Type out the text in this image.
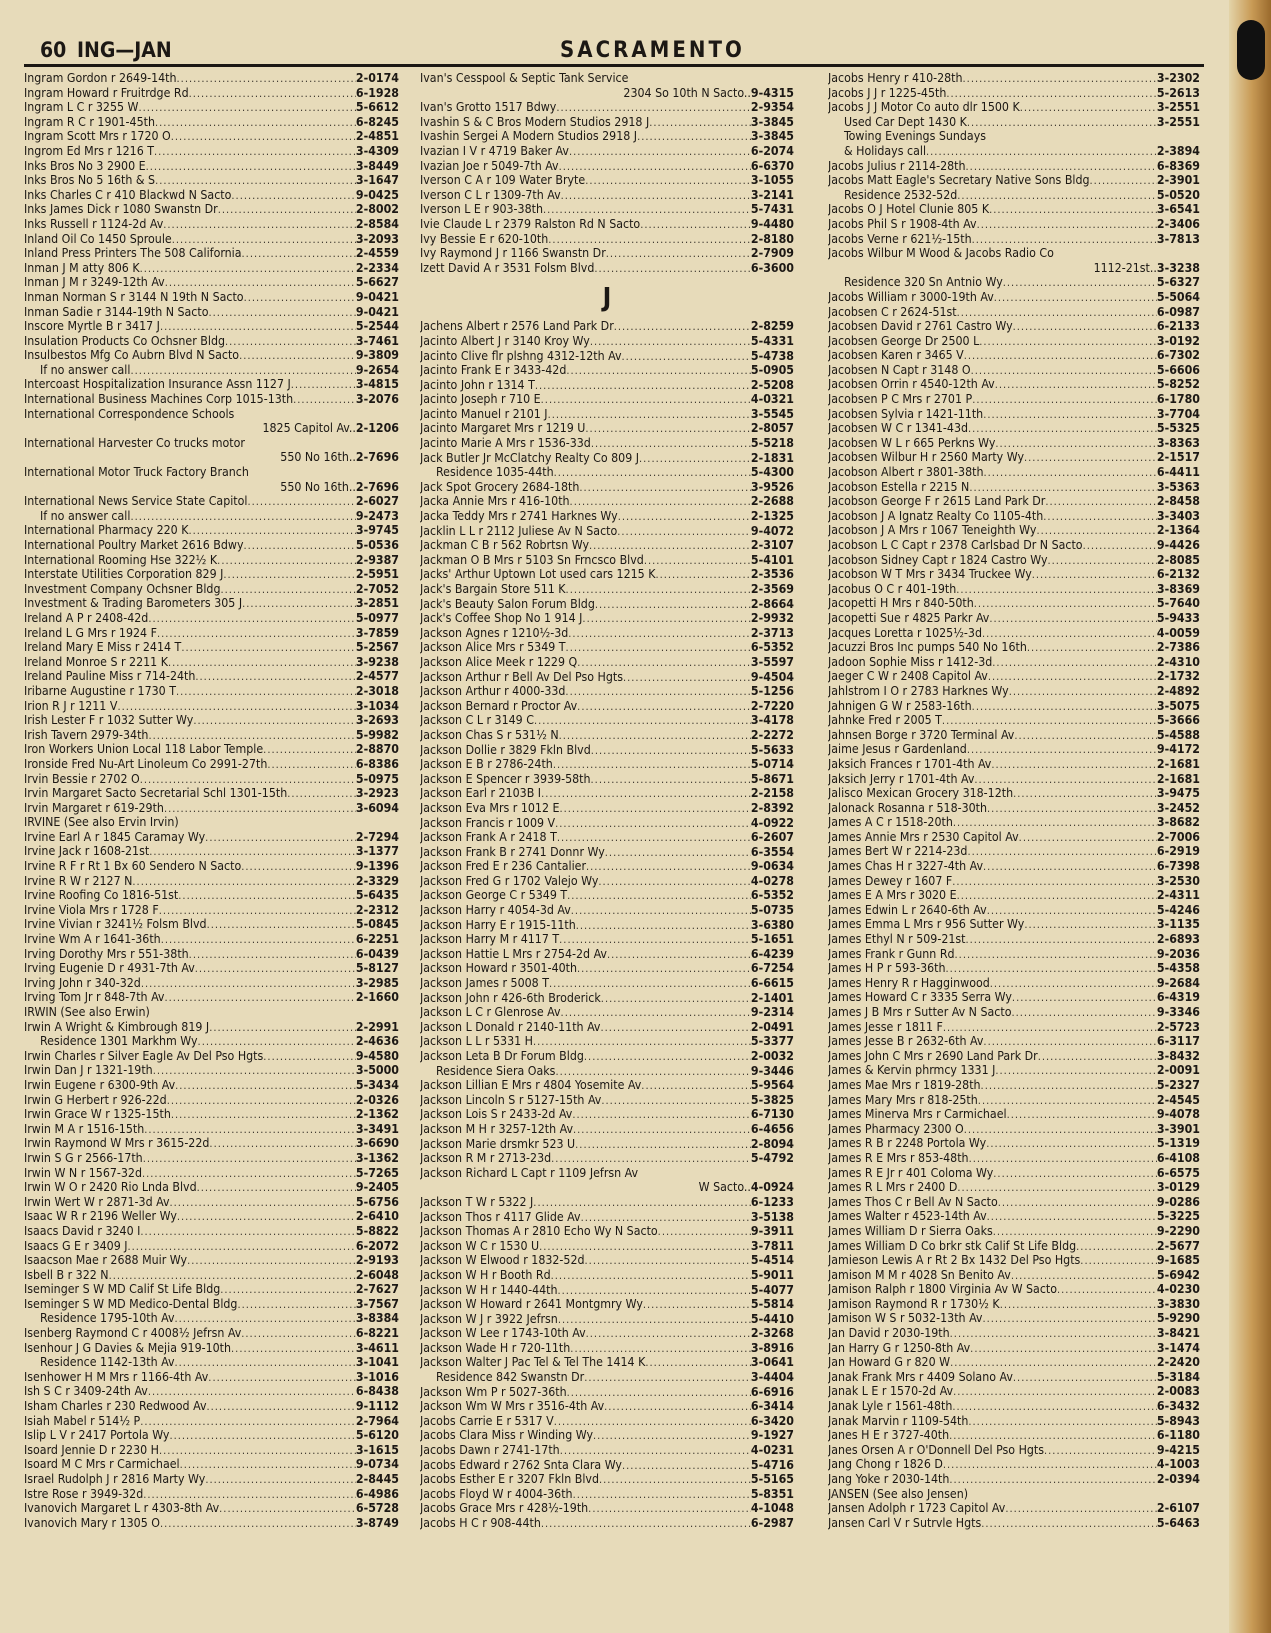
60 ING—JAN	SACRAMENTO
Ingram Gordon r 2649-14th .....	2-0174
Ingram Howard r Fruitrdge Rd .....	6-1928
Ingram L C r 3255 W .....	5-6612
Ingram R C r 1901-45th .....	6-8245
Ingram Scott Mrs r 1720 O .....	2-4851
Ingrom Ed Mrs r 1216 T .....	3-4309
Inks Bros No 3 2900 E .....	3-8449
Inks Bros No 5 16th & S .....	3-1647
Inks Charles C r 410 Blackwd N Sacto .....	9-0425
Inks James Dick r 1080 Swanstn Dr .....	2-8002
Inks Russell r 1124-2d Av .....	2-8584
Inland Oil Co 1450 Sproule .....	3-2093
Inland Press Printers The 508 California .....	2-4559
Inman J M atty 806 K .....	2-2334
Inman J M r 3249-12th Av .....	5-6627
Inman Norman S r 3144 N 19th N Sacto .....	9-0421
Inman Sadie r 3144-19th N Sacto .....	9-0421
Inscore Myrtle B r 3417 J .....	5-2544
Insulation Products Co Ochsner Bldg .....	3-7461
Insulbestos Mfg Co Aubrn Blvd N Sacto .....	9-3809
If no answer call .....	9-2654
Intercoast Hospitalization Insurance Assn 1127 J .....	3-4815
International Business Machines Corp 1015-13th .....	3-2076
International Correspondence Schools
1825 Capitol Av..2-1206
International Harvester Co trucks motor
550 No 16th..2-7696
International Motor Truck Factory Branch
550 No 16th..2-7696
International News Service State Capitol .....	2-6027
If no answer call .....	9-2473
International Pharmacy 220 K .....	3-9745
International Poultry Market 2616 Bdwy .....	5-0536
International Rooming Hse 322½ K .....	2-9387
Interstate Utilities Corporation 829 J .....	2-5951
Investment Company Ochsner Bldg .....	2-7052
Investment & Trading Barometers 305 J .....	3-2851
Ireland A P r 2408-42d .....	5-0977
Ireland L G Mrs r 1924 F .....	3-7859
Ireland Mary E Miss r 2414 T .....	5-2567
Ireland Monroe S r 2211 K .....	3-9238
Ireland Pauline Miss r 714-24th .....	2-4577
Iribarne Augustine r 1730 T .....	2-3018
Irion R J r 1211 V .....	3-1034
Irish Lester F r 1032 Sutter Wy .....	3-2693
Irish Tavern 2979-34th .....	5-9982
Iron Workers Union Local 118 Labor Temple .....	2-8870
Ironside Fred Nu-Art Linoleum Co 2991-27th .....	6-8386
Irvin Bessie r 2702 O .....	5-0975
Irvin Margaret Sacto Secretarial Schl 1301-15th .....	3-2923
Irvin Margaret r 619-29th .....	3-6094
IRVINE (See also Ervin Irvin)
Irvine Earl A r 1845 Caramay Wy .....	2-7294
Irvine Jack r 1608-21st .....	3-1377
Irvine R F r Rt 1 Bx 60 Sendero N Sacto .....	9-1396
Irvine R W r 2127 N .....	2-3329
Irvine Roofing Co 1816-51st .....	5-6435
Irvine Viola Mrs r 1728 F .....	2-2312
Irvine Vivian r 3241½ Folsm Blvd .....	5-0845
Irvine Wm A r 1641-36th .....	6-2251
Irving Dorothy Mrs r 551-38th .....	6-0439
Irving Eugenie D r 4931-7th Av .....	5-8127
Irving John r 340-32d .....	3-2985
Irving Tom Jr r 848-7th Av .....	2-1660
IRWIN (See also Erwin)
Irwin A Wright & Kimbrough 819 J .....	2-2991
Residence 1301 Markhm Wy .....	2-4636
Irwin Charles r Silver Eagle Av Del Pso Hgts .....	9-4580
Irwin Dan J r 1321-19th .....	3-5000
Irwin Eugene r 6300-9th Av .....	5-3434
Irwin G Herbert r 926-22d .....	2-0326
Irwin Grace W r 1325-15th .....	2-1362
Irwin M A r 1516-15th .....	3-3491
Irwin Raymond W Mrs r 3615-22d .....	3-6690
Irwin S G r 2566-17th .....	3-1362
Irwin W N r 1567-32d .....	5-7265
Irwin W O r 2420 Rio Lnda Blvd .....	9-2405
Irwin Wert W r 2871-3d Av .....	5-6756
Isaac W R r 2196 Weller Wy .....	2-6410
Isaacs David r 3240 I .....	5-8822
Isaacs G E r 3409 J .....	6-2072
Isaacson Mae r 2688 Muir Wy .....	2-9193
Isbell B r 322 N .....	2-6048
Iseminger S W MD Calif St Life Bldg .....	2-7627
Iseminger S W MD Medico-Dental Bldg .....	3-7567
Residence 1795-10th Av .....	3-8384
Isenberg Raymond C r 4008½ Jefrsn Av .....	6-8221
Isenhour J G Davies & Mejia 919-10th .....	3-4611
Residence 1142-13th Av .....	3-1041
Isenhower H M Mrs r 1166-4th Av .....	3-1016
Ish S C r 3409-24th Av .....	6-8438
Isham Charles r 230 Redwood Av .....	9-1112
Isiah Mabel r 514½ P .....	2-7964
Islip L V r 2417 Portola Wy .....	5-6120
Isoard Jennie D r 2230 H .....	3-1615
Isoard M C Mrs r Carmichael .....	9-0734
Israel Rudolph J r 2816 Marty Wy .....	2-8445
Istre Rose r 3949-32d .....	6-4986
Ivanovich Margaret L r 4303-8th Av .....	6-5728
Ivanovich Mary r 1305 O .....	3-8749
Ivan's Cesspool & Septic Tank Service
2304 So 10th N Sacto..9-4315
Ivan's Grotto 1517 Bdwy .....	2-9354
Ivashin S & C Bros Modern Studios 2918 J .....	3-3845
Ivashin Sergei A Modern Studios 2918 J .....	3-3845
Ivazian I V r 4719 Baker Av .....	6-2074
Ivazian Joe r 5049-7th Av .....	6-6370
Iverson C A r 109 Water Bryte .....	3-1055
Iverson C L r 1309-7th Av .....	3-2141
Iverson L E r 903-38th .....	5-7431
Ivie Claude L r 2379 Ralston Rd N Sacto .....	9-4480
Ivy Bessie E r 620-10th .....	2-8180
Ivy Raymond J r 1166 Swanstn Dr .....	2-7909
Izett David A r 3531 Folsm Blvd .....	6-3600
J
Jachens Albert r 2576 Land Park Dr .....	2-8259
Jacinto Albert J r 3140 Kroy Wy .....	5-4331
Jacinto Clive flr plshng 4312-12th Av .....	5-4738
Jacinto Frank E r 3433-42d .....	5-0905
Jacinto John r 1314 T .....	2-5208
Jacinto Joseph r 710 E .....	4-0321
Jacinto Manuel r 2101 J .....	3-5545
Jacinto Margaret Mrs r 1219 U .....	2-8057
Jacinto Marie A Mrs r 1536-33d .....	5-5218
Jack Butler Jr McClatchy Realty Co 809 J .....	2-1831
Residence 1035-44th .....	5-4300
Jack Spot Grocery 2684-18th .....	3-9526
Jacka Annie Mrs r 416-10th .....	2-2688
Jacka Teddy Mrs r 2741 Harknes Wy .....	2-1325
Jacklin L L r 2112 Juliese Av N Sacto .....	9-4072
Jackman C B r 562 Robrtsn Wy .....	2-3107
Jackman O B Mrs r 5103 Sn Frncsco Blvd .....	5-4101
Jacks' Arthur Uptown Lot used cars 1215 K .....	2-3536
Jack's Bargain Store 511 K .....	2-3569
Jack's Beauty Salon Forum Bldg .....	2-8664
Jack's Coffee Shop No 1 914 J .....	2-9932
Jackson Agnes r 1210½-3d .....	2-3713
Jackson Alice Mrs r 5349 T .....	6-5352
Jackson Alice Meek r 1229 Q .....	3-5597
Jackson Arthur r Bell Av Del Pso Hgts .....	9-4504
Jackson Arthur r 4000-33d .....	5-1256
Jackson Bernard r Proctor Av .....	2-7220
Jackson C L r 3149 C .....	3-4178
Jackson Chas S r 531½ N .....	2-2272
Jackson Dollie r 3829 Fkln Blvd .....	5-5633
Jackson E B r 2786-24th .....	5-0714
Jackson E Spencer r 3939-58th .....	5-8671
Jackson Earl r 2103B I .....	2-2158
Jackson Eva Mrs r 1012 E .....	2-8392
Jackson Francis r 1009 V .....	4-0922
Jackson Frank A r 2418 T .....	6-2607
Jackson Frank B r 2741 Donnr Wy .....	6-3554
Jackson Fred E r 236 Cantalier .....	9-0634
Jackson Fred G r 1702 Valejo Wy .....	4-0278
Jackson George C r 5349 T .....	6-5352
Jackson Harry r 4054-3d Av .....	5-0735
Jackson Harry E r 1915-11th .....	3-6380
Jackson Harry M r 4117 T .....	5-1651
Jackson Hattie L Mrs r 2754-2d Av .....	6-4239
Jackson Howard r 3501-40th .....	6-7254
Jackson James r 5008 T .....	6-6615
Jackson John r 426-6th Broderick .....	2-1401
Jackson L C r Glenrose Av .....	9-2314
Jackson L Donald r 2140-11th Av .....	2-0491
Jackson L L r 5331 H .....	5-3377
Jackson Leta B Dr Forum Bldg .....	2-0032
Residence Siera Oaks .....	9-3446
Jackson Lillian E Mrs r 4804 Yosemite Av .....	5-9564
Jackson Lincoln S r 5127-15th Av .....	5-3825
Jackson Lois S r 2433-2d Av .....	6-7130
Jackson M H r 3257-12th Av .....	6-4656
Jackson Marie drsmkr 523 U .....	2-8094
Jackson R M r 2713-23d .....	5-4792
Jackson Richard L Capt r 1109 Jefrsn Av
W Sacto..4-0924
Jackson T W r 5322 J .....	6-1233
Jackson Thos r 4117 Glide Av .....	3-5138
Jackson Thomas A r 2810 Echo Wy N Sacto .....	9-3911
Jackson W C r 1530 U .....	3-7811
Jackson W Elwood r 1832-52d .....	5-4514
Jackson W H r Booth Rd .....	5-9011
Jackson W H r 1440-44th .....	5-4077
Jackson W Howard r 2641 Montgmry Wy .....	5-5814
Jackson W J r 3922 Jefrsn .....	5-4410
Jackson W Lee r 1743-10th Av .....	2-3268
Jackson Wade H r 720-11th .....	3-8916
Jackson Walter J Pac Tel & Tel The 1414 K .....	3-0641
Residence 842 Swanstn Dr .....	3-4404
Jackson Wm P r 5027-36th .....	6-6916
Jackson Wm W Mrs r 3516-4th Av .....	6-3414
Jacobs Carrie E r 5317 V .....	6-3420
Jacobs Clara Miss r Winding Wy .....	9-1927
Jacobs Dawn r 2741-17th .....	4-0231
Jacobs Edward r 2762 Snta Clara Wy .....	5-4716
Jacobs Esther E r 3207 Fkln Blvd .....	5-5165
Jacobs Floyd W r 4004-36th .....	5-8351
Jacobs Grace Mrs r 428½-19th .....	4-1048
Jacobs H C r 908-44th .....	6-2987
Jacobs Henry r 410-28th .....	3-2302
Jacobs J J r 1225-45th .....	5-2613
Jacobs J J Motor Co auto dlr 1500 K .....	3-2551
Used Car Dept 1430 K .....	3-2551
Towing Evenings Sundays
& Holidays call .....	2-3894
Jacobs Julius r 2114-28th .....	6-8369
Jacobs Matt Eagle's Secretary Native Sons Bldg .....	2-3901
Residence 2532-52d .....	5-0520
Jacobs O J Hotel Clunie 805 K .....	3-6541
Jacobs Phil S r 1908-4th Av .....	2-3406
Jacobs Verne r 621½-15th .....	3-7813
Jacobs Wilbur M Wood & Jacobs Radio Co
1112-21st..3-3238
Residence 320 Sn Antnio Wy .....	5-6327
Jacobs William r 3000-19th Av .....	5-5064
Jacobsen C r 2624-51st .....	6-0987
Jacobsen David r 2761 Castro Wy .....	6-2133
Jacobsen George Dr 2500 L .....	3-0192
Jacobsen Karen r 3465 V .....	6-7302
Jacobsen N Capt r 3148 O .....	5-6606
Jacobsen Orrin r 4540-12th Av .....	5-8252
Jacobsen P C Mrs r 2701 P .....	6-1780
Jacobsen Sylvia r 1421-11th .....	3-7704
Jacobsen W C r 1341-43d .....	5-5325
Jacobsen W L r 665 Perkns Wy .....	3-8363
Jacobsen Wilbur H r 2560 Marty Wy .....	2-1517
Jacobson Albert r 3801-38th .....	6-4411
Jacobson Estella r 2215 N .....	3-5363
Jacobson George F r 2615 Land Park Dr .....	2-8458
Jacobson J A Ignatz Realty Co 1105-4th .....	3-3403
Jacobson J A Mrs r 1067 Teneighth Wy .....	2-1364
Jacobson L C Capt r 2378 Carlsbad Dr N Sacto .....	9-4426
Jacobson Sidney Capt r 1824 Castro Wy .....	2-8085
Jacobson W T Mrs r 3434 Truckee Wy .....	6-2132
Jacobus O C r 401-19th .....	3-8369
Jacopetti H Mrs r 840-50th .....	5-7640
Jacopetti Sue r 4825 Parkr Av .....	5-9433
Jacques Loretta r 1025½-3d .....	4-0059
Jacuzzi Bros Inc pumps 540 No 16th .....	2-7386
Jadoon Sophie Miss r 1412-3d .....	2-4310
Jaeger C W r 2408 Capitol Av .....	2-1732
Jahlstrom I O r 2783 Harknes Wy .....	2-4892
Jahnigen G W r 2583-16th .....	3-5075
Jahnke Fred r 2005 T .....	5-3666
Jahnsen Borge r 3720 Terminal Av .....	5-4588
Jaime Jesus r Gardenland .....	9-4172
Jaksich Frances r 1701-4th Av .....	2-1681
Jaksich Jerry r 1701-4th Av .....	2-1681
Jalisco Mexican Grocery 318-12th .....	3-9475
Jalonack Rosanna r 518-30th .....	3-2452
James A C r 1518-20th .....	3-8682
James Annie Mrs r 2530 Capitol Av .....	2-7006
James Bert W r 2214-23d .....	6-2919
James Chas H r 3227-4th Av .....	6-7398
James Dewey r 1607 F .....	3-2530
James E A Mrs r 3020 E .....	2-4311
James Edwin L r 2640-6th Av .....	5-4246
James Emma L Mrs r 956 Sutter Wy .....	3-1135
James Ethyl N r 509-21st .....	2-6893
James Frank r Gunn Rd .....	9-2036
James H P r 593-36th .....	5-4358
James Henry R r Hagginwood .....	9-2684
James Howard C r 3335 Serra Wy .....	6-4319
James J B Mrs r Sutter Av N Sacto .....	9-3346
James Jesse r 1811 F .....	2-5723
James Jesse B r 2632-6th Av .....	6-3117
James John C Mrs r 2690 Land Park Dr .....	3-8432
James & Kervin phrmcy 1331 J .....	2-0091
James Mae Mrs r 1819-28th .....	5-2327
James Mary Mrs r 818-25th .....	2-4545
James Minerva Mrs r Carmichael .....	9-4078
James Pharmacy 2300 O .....	3-3901
James R B r 2248 Portola Wy .....	5-1319
James R E Mrs r 853-48th .....	6-4108
James R E Jr r 401 Coloma Wy .....	6-6575
James R L Mrs r 2400 D .....	3-0129
James Thos C r Bell Av N Sacto .....	9-0286
James Walter r 4523-14th Av .....	5-3225
James William D r Sierra Oaks .....	9-2290
James William D Co brkr stk Calif St Life Bldg .....	2-5677
Jamieson Lewis A r Rt 2 Bx 1432 Del Pso Hgts .....	9-1685
Jamison M M r 4028 Sn Benito Av .....	5-6942
Jamison Ralph r 1800 Virginia Av W Sacto .....	4-0230
Jamison Raymond R r 1730½ K .....	3-3830
Jamison W S r 5032-13th Av .....	5-9290
Jan David r 2030-19th .....	3-8421
Jan Harry G r 1250-8th Av .....	3-1474
Jan Howard G r 820 W .....	2-2420
Janak Frank Mrs r 4409 Solano Av .....	5-3184
Janak L E r 1570-2d Av .....	2-0083
Janak Lyle r 1561-48th .....	6-3432
Janak Marvin r 1109-54th .....	5-8943
Janes H E r 3727-40th .....	6-1180
Janes Orsen A r O'Donnell Del Pso Hgts .....	9-4215
Jang Chong r 1826 D .....	4-1003
Jang Yoke r 2030-14th .....	2-0394
JANSEN (See also Jensen)
Jansen Adolph r 1723 Capitol Av .....	2-6107
Jansen Carl V r Sutrvle Hgts .....	5-6463
